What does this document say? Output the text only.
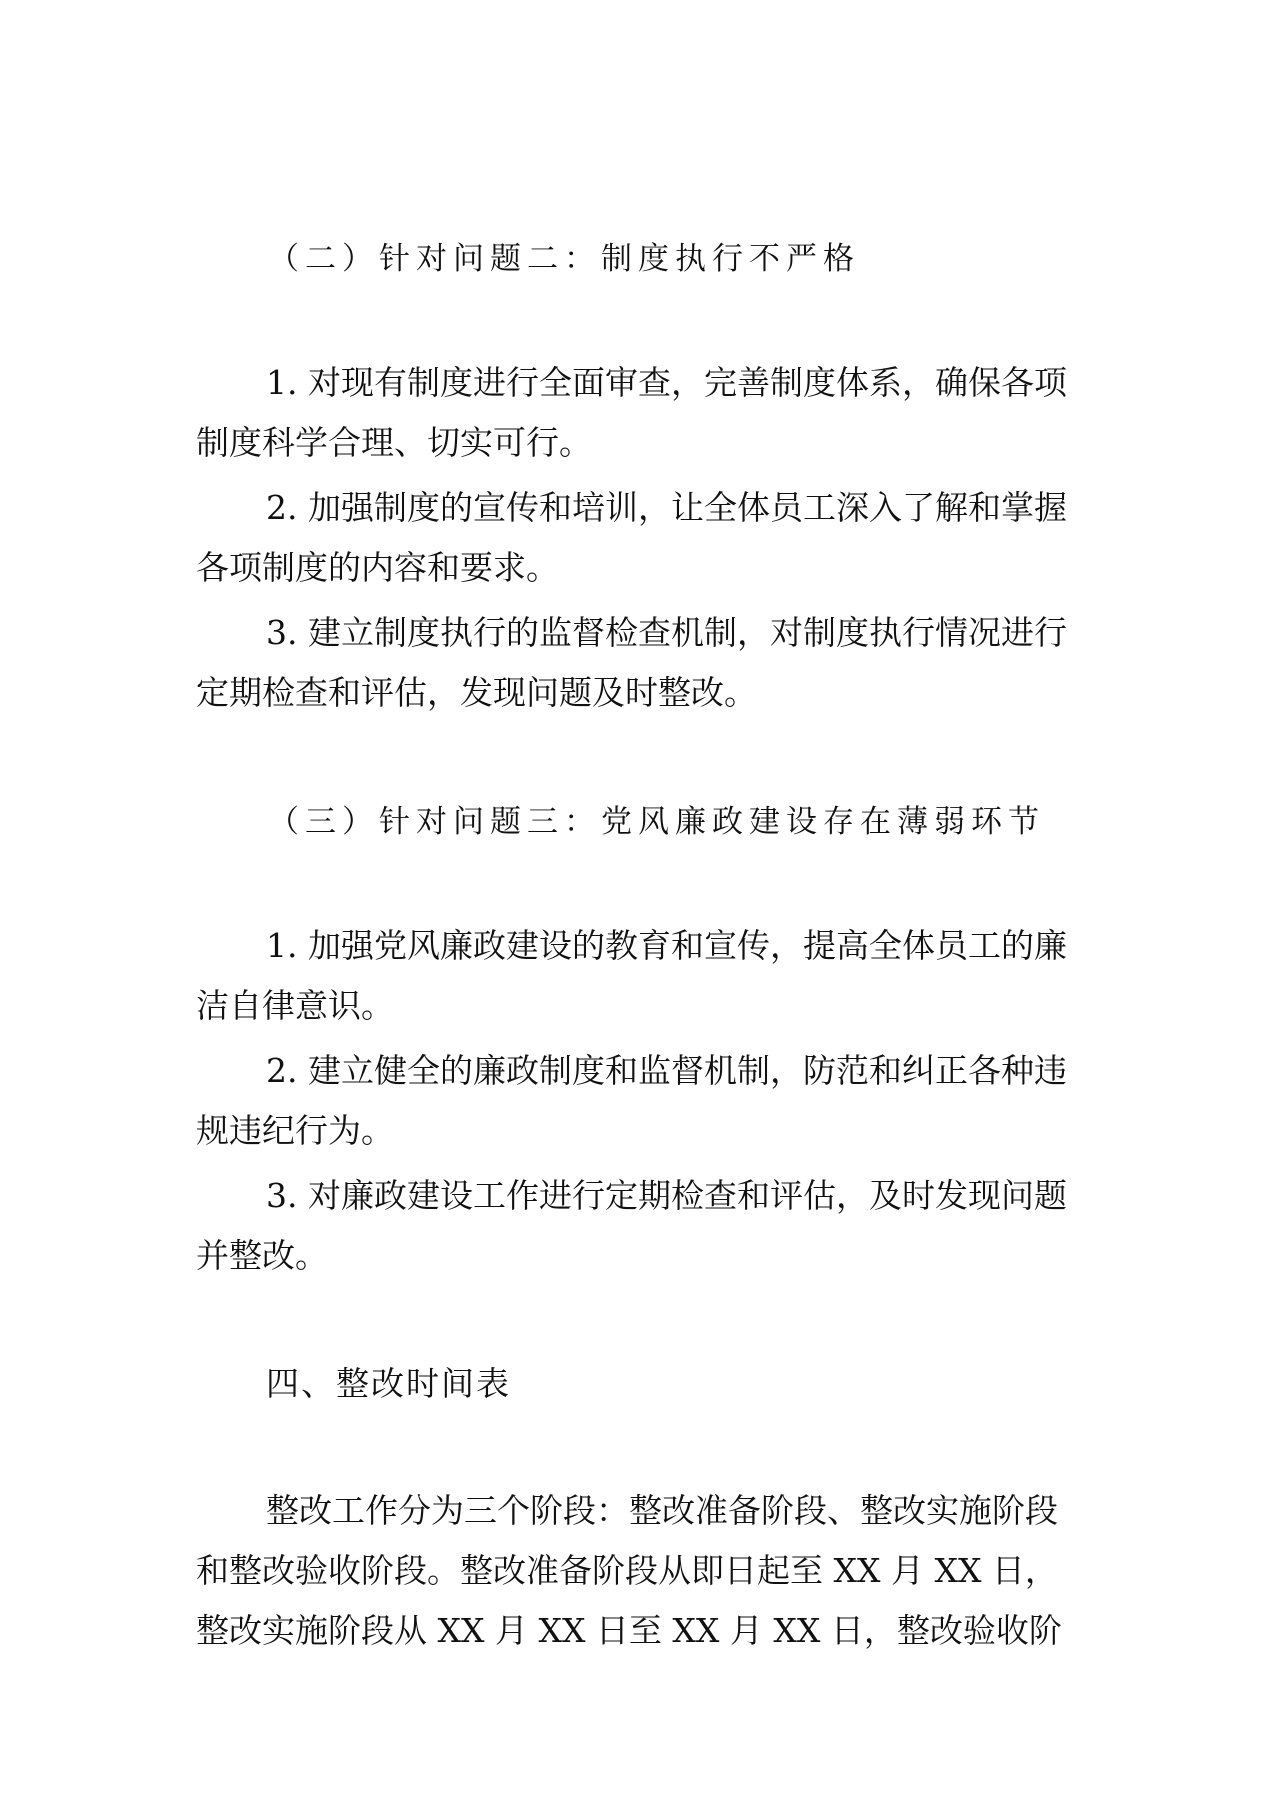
（二）针对问题二：制度执行不严格

1. 对现有制度进行全面审查，完善制度体系，确保各项
制度科学合理、切实可行。

2. 加强制度的宣传和培训，让全体员工深入了解和掌握
各项制度的内容和要求。

3. 建立制度执行的监督检查机制，对制度执行情况进行
定期检查和评估，发现问题及时整改。

（三）针对问题三：党风廉政建设存在薄弱环节

1. 加强党风廉政建设的教育和宣传，提高全体员工的廉
洁自律意识。

2. 建立健全的廉政制度和监督机制，防范和纠正各种违
规违纪行为。

3. 对廉政建设工作进行定期检查和评估，及时发现问题
并整改。

四、整改时间表

整改工作分为三个阶段：整改准备阶段、整改实施阶段
和整改验收阶段。整改准备阶段从即日起至 XX 月 XX 日，
整改实施阶段从 XX 月 XX 日至 XX 月 XX 日，整改验收阶
